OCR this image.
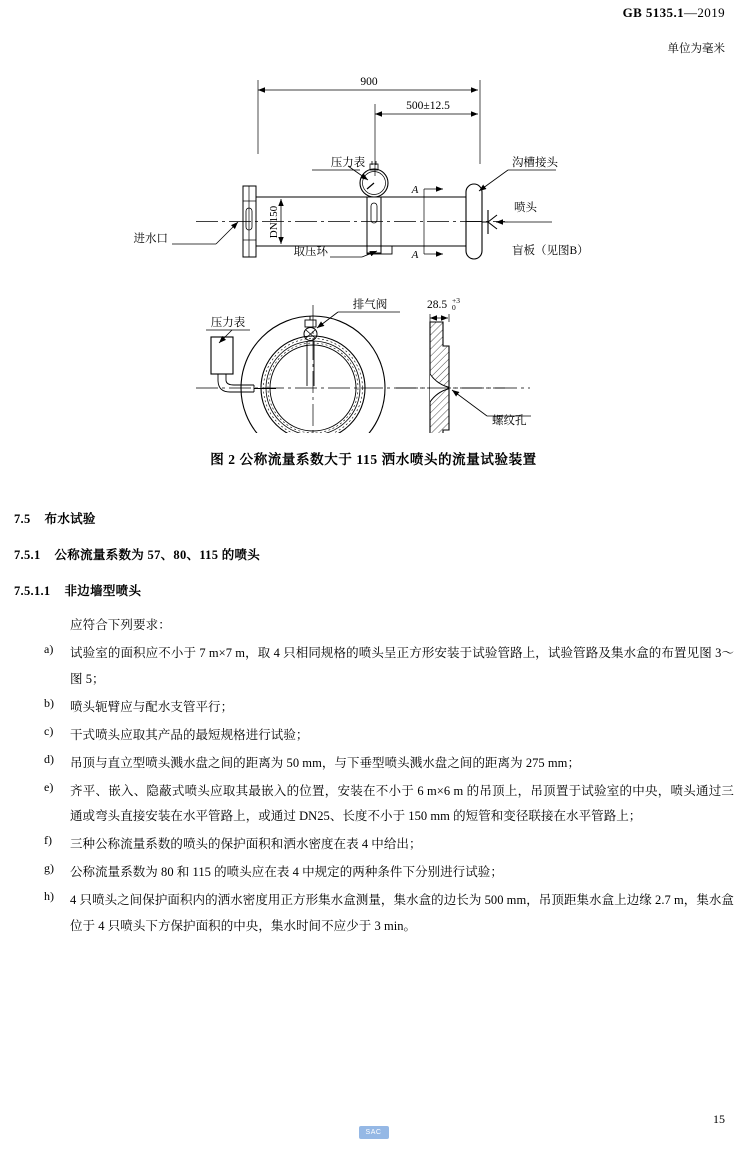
GB 5135.1—2019
单位为毫米
900
500±12.5
DN150
A
A
进水口
压力表
取压环
沟槽接头
喷头
盲板（见图B）
压力表
排气阀	28.5 +3
0
螺纹孔
图 2 公称流量系数大于 115 洒水喷头的流量试验装置
7.5 布水试验
7.5.1 公称流量系数为 57、80、115 的喷头
7.5.1.1 非边墙型喷头
应符合下列要求：
a)	试验室的面积应不小于 7 m×7 m，取 4 只相同规格的喷头呈正方形安装于试验管路上，试验管路及集水盒的布置见图 3～图 5；
b)	喷头轭臂应与配水支管平行；
c)	干式喷头应取其产品的最短规格进行试验；
d)	吊顶与直立型喷头溅水盘之间的距离为 50 mm，与下垂型喷头溅水盘之间的距离为 275 mm；
e)	齐平、嵌入、隐蔽式喷头应取其最嵌入的位置，安装在不小于 6 m×6 m 的吊顶上，吊顶置于试验室的中央，喷头通过三通或弯头直接安装在水平管路上，或通过 DN25、长度不小于 150 mm 的短管和变径联接在水平管路上；
f)	三种公称流量系数的喷头的保护面积和洒水密度在表 4 中给出；
g)	公称流量系数为 80 和 115 的喷头应在表 4 中规定的两种条件下分别进行试验；
h)	4 只喷头之间保护面积内的洒水密度用正方形集水盒测量，集水盒的边长为 500 mm，吊顶距集水盒上边缘 2.7 m，集水盒位于 4 只喷头下方保护面积的中央，集水时间不应少于 3 min。
15
SAC
